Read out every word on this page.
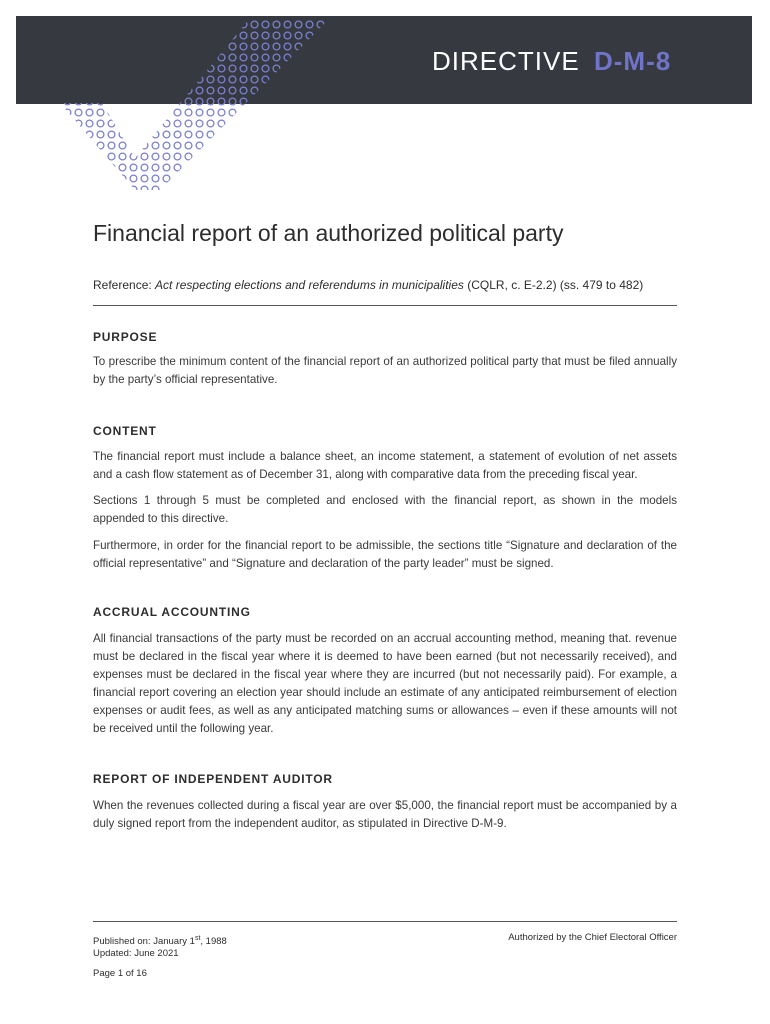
DIRECTIVE D-M-8
Financial report of an authorized political party
Reference: Act respecting elections and referendums in municipalities (CQLR, c. E-2.2) (ss. 479 to 482)
PURPOSE

To prescribe the minimum content of the financial report of an authorized political party that must be filed annually by the party’s official representative.

CONTENT

The financial report must include a balance sheet, an income statement, a statement of evolution of net assets and a cash flow statement as of December 31, along with comparative data from the preceding fiscal year.

Sections 1 through 5 must be completed and enclosed with the financial report, as shown in the models appended to this directive.

Furthermore, in order for the financial report to be admissible, the sections title “Signature and declaration of the official representative” and “Signature and declaration of the party leader” must be signed.

ACCRUAL ACCOUNTING

All financial transactions of the party must be recorded on an accrual accounting method, meaning that. revenue must be declared in the fiscal year where it is deemed to have been earned (but not necessarily received), and expenses must be declared in the fiscal year where they are incurred (but not necessarily paid). For example, a financial report covering an election year should include an estimate of any anticipated reimbursement of election expenses or audit fees, as well as any anticipated matching sums or allowances – even if these amounts will not be received until the following year.

REPORT OF INDEPENDENT AUDITOR

When the revenues collected during a fiscal year are over $5,000, the financial report must be accompanied by a duly signed report from the independent auditor, as stipulated in Directive D-M-9.

Published on: January 1st, 1988
Updated: June 2021
Page 1 of 16
Authorized by the Chief Electoral Officer
